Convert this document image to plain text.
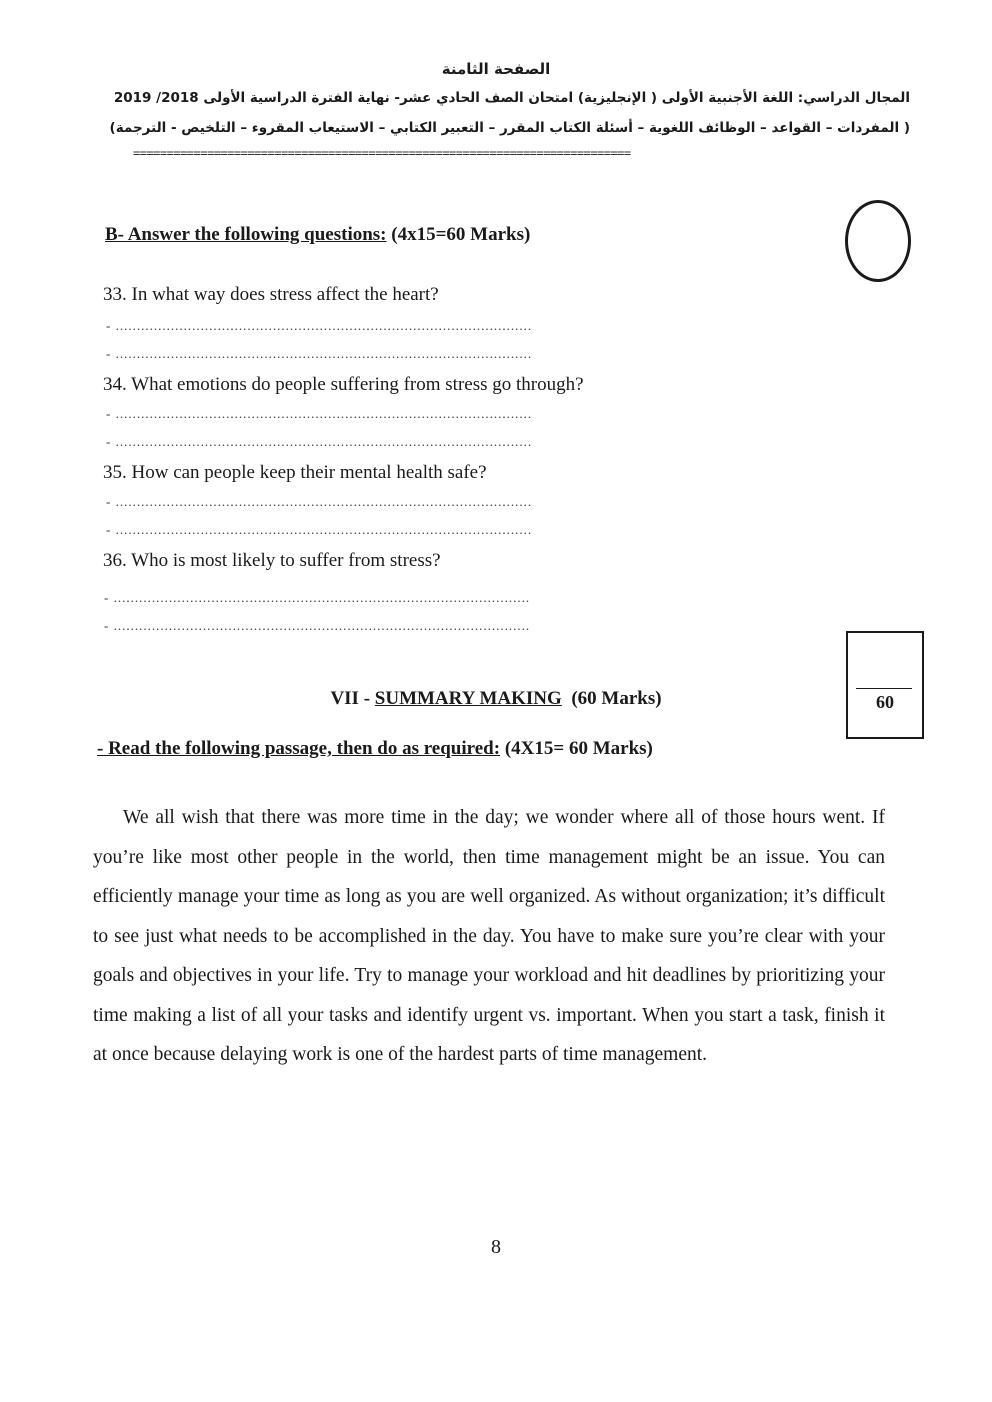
الصفحة الثامنة
المجال الدراسي: اللغة الأجنبية الأولى ( الإنجليزية) امتحان الصف الحادي عشر- نهاية الفترة الدراسية الأولى 2018/ 2019
( المفردات – القواعد – الوظائف اللغوية – أسئلة الكتاب المقرر – التعبير الكتابي – الاستيعاب المقروء – التلخيص - الترجمة)
==========================================================================
B- Answer the following questions: (4x15=60 Marks)
33. In what way does stress affect the heart?
- ..................................................................................................
- ..................................................................................................
34. What emotions do people suffering from stress go through?
- ..................................................................................................
- ..................................................................................................
35. How can people keep their mental health safe?
- ..................................................................................................
- ..................................................................................................
36. Who is most likely to suffer from stress?
- ..................................................................................................
- ..................................................................................................
60
VII - SUMMARY MAKING (60 Marks)
- Read the following passage, then do as required: (4X15= 60 Marks)
We all wish that there was more time in the day; we wonder where all of those hours went. If you’re like most other people in the world, then time management might be an issue. You can efficiently manage your time as long as you are well organized. As without organization; it’s difficult to see just what needs to be accomplished in the day. You have to make sure you’re clear with your goals and objectives in your life. Try to manage your workload and hit deadlines by prioritizing your time making a list of all your tasks and identify urgent vs. important. When you start a task, finish it at once because delaying work is one of the hardest parts of time management.
8
